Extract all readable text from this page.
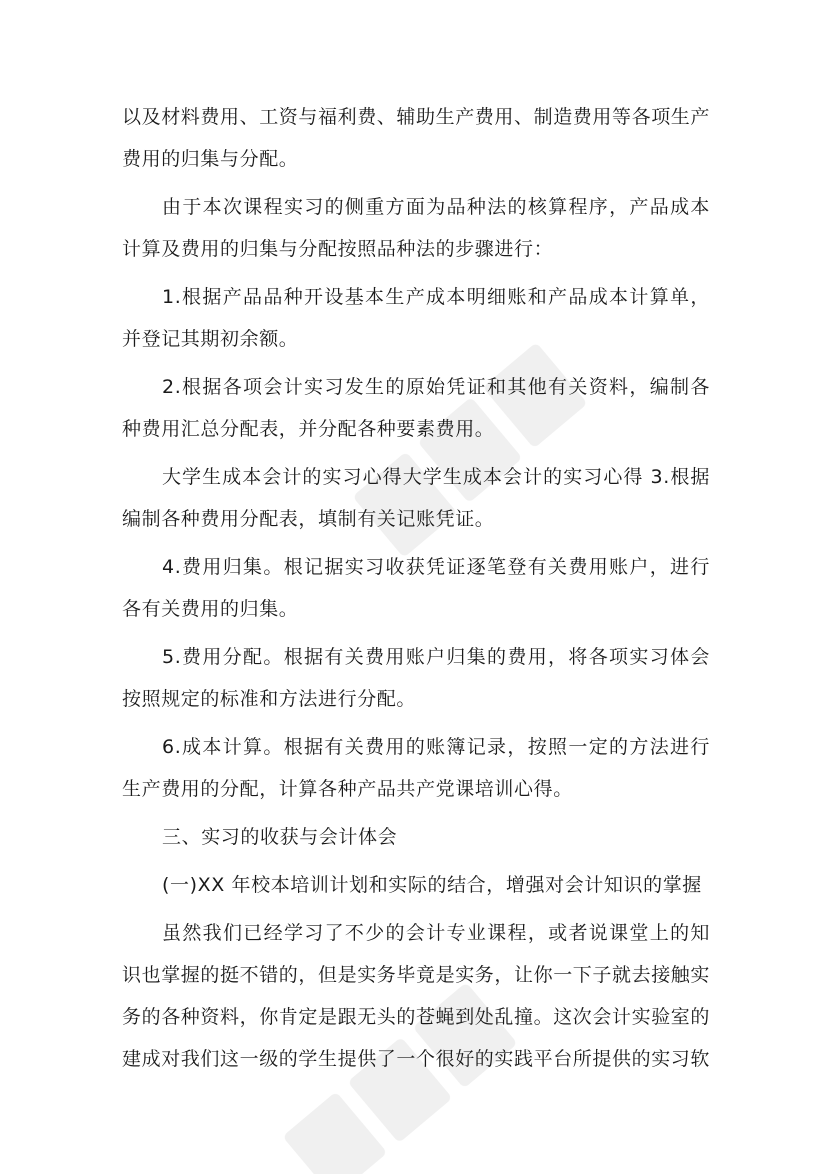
以及材料费用、工资与福利费、辅助生产费用、制造费用等各项生产费用的归集与分配。

由于本次课程实习的侧重方面为品种法的核算程序，产品成本计算及费用的归集与分配按照品种法的步骤进行：

1.根据产品品种开设基本生产成本明细账和产品成本计算单，并登记其期初余额。

2.根据各项会计实习发生的原始凭证和其他有关资料，编制各种费用汇总分配表，并分配各种要素费用。

大学生成本会计的实习心得大学生成本会计的实习心得 3.根据编制各种费用分配表，填制有关记账凭证。

4.费用归集。根记据实习收获凭证逐笔登有关费用账户，进行各有关费用的归集。

5.费用分配。根据有关费用账户归集的费用，将各项实习体会按照规定的标准和方法进行分配。

6.成本计算。根据有关费用的账簿记录，按照一定的方法进行生产费用的分配，计算各种产品共产党课培训心得。

三、实习的收获与会计体会

(一)XX 年校本培训计划和实际的结合，增强对会计知识的掌握

虽然我们已经学习了不少的会计专业课程，或者说课堂上的知识也掌握的挺不错的，但是实务毕竟是实务，让你一下子就去接触实务的各种资料，你肯定是跟无头的苍蝇到处乱撞。这次会计实验室的建成对我们这一级的学生提供了一个很好的实践平台所提供的实习软
